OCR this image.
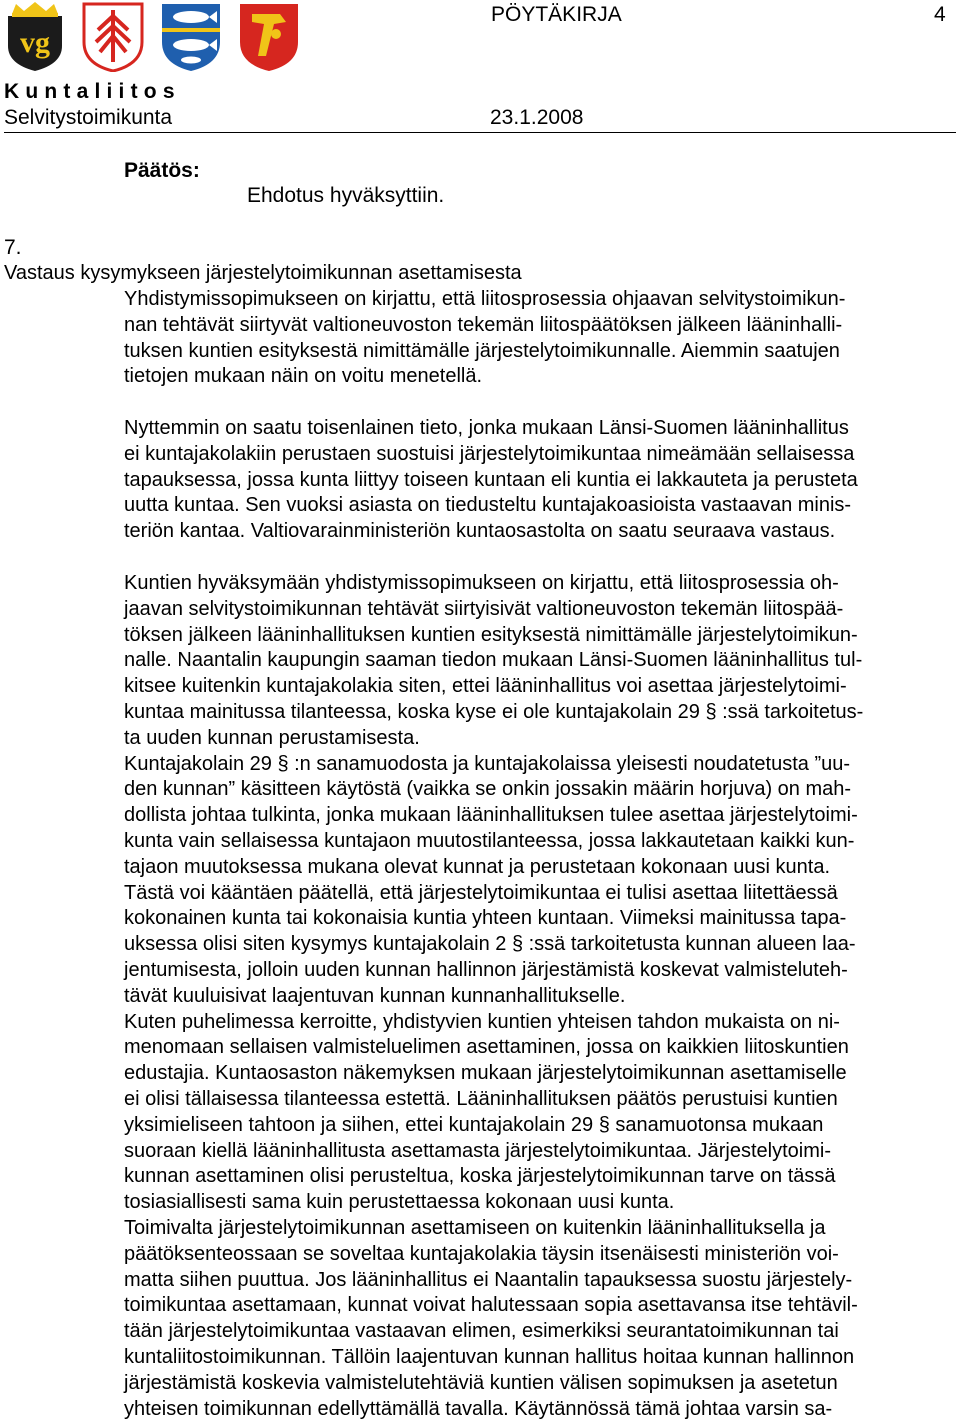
vg
PÖYTÄKIRJA	4
Kuntaliitos
Selvitystoimikunta	23.1.2008
Päätös:
Ehdotus hyväksyttiin.
7.
Vastaus kysymykseen järjestelytoimikunnan asettamisesta
Yhdistymissopimukseen on kirjattu, että liitosprosessia ohjaavan selvitystoimikun-
nan tehtävät siirtyvät valtioneuvoston tekemän liitospäätöksen jälkeen lääninhalli-
tuksen kuntien esityksestä nimittämälle järjestelytoimikunnalle. Aiemmin saatujen
tietojen mukaan näin on voitu menetellä.
Nyttemmin on saatu toisenlainen tieto, jonka mukaan Länsi-Suomen lääninhallitus
ei kuntajakolakiin perustaen suostuisi järjestelytoimikuntaa nimeämään sellaisessa
tapauksessa, jossa kunta liittyy toiseen kuntaan eli kuntia ei lakkauteta ja perusteta
uutta kuntaa. Sen vuoksi asiasta on tiedusteltu kuntajakoasioista vastaavan minis-
teriön kantaa. Valtiovarainministeriön kuntaosastolta on saatu seuraava vastaus.
Kuntien hyväksymään yhdistymissopimukseen on kirjattu, että liitosprosessia oh-
jaavan selvitystoimikunnan tehtävät siirtyisivät valtioneuvoston tekemän liitospää-
töksen jälkeen lääninhallituksen kuntien esityksestä nimittämälle järjestelytoimikun-
nalle. Naantalin kaupungin saaman tiedon mukaan Länsi-Suomen lääninhallitus tul-
kitsee kuitenkin kuntajakolakia siten, ettei lääninhallitus voi asettaa järjestelytoimi-
kuntaa mainitussa tilanteessa, koska kyse ei ole kuntajakolain 29 § :ssä tarkoitetus-
ta uuden kunnan perustamisesta.
Kuntajakolain 29 § :n sanamuodosta ja kuntajakolaissa yleisesti noudatetusta ”uu-
den kunnan” käsitteen käytöstä (vaikka se onkin jossakin määrin horjuva) on mah-
dollista johtaa tulkinta, jonka mukaan lääninhallituksen tulee asettaa järjestelytoimi-
kunta vain sellaisessa kuntajaon muutostilanteessa, jossa lakkautetaan kaikki kun-
tajaon muutoksessa mukana olevat kunnat ja perustetaan kokonaan uusi kunta.
Tästä voi kääntäen päätellä, että järjestelytoimikuntaa ei tulisi asettaa liitettäessä
kokonainen kunta tai kokonaisia kuntia yhteen kuntaan. Viimeksi mainitussa tapa-
uksessa olisi siten kysymys kuntajakolain 2 § :ssä tarkoitetusta kunnan alueen laa-
jentumisesta, jolloin uuden kunnan hallinnon järjestämistä koskevat valmisteluteh-
tävät kuuluisivat laajentuvan kunnan kunnanhallitukselle.
Kuten puhelimessa kerroitte, yhdistyvien kuntien yhteisen tahdon mukaista on ni-
menomaan sellaisen valmisteluelimen asettaminen, jossa on kaikkien liitoskuntien
edustajia. Kuntaosaston näkemyksen mukaan järjestelytoimikunnan asettamiselle
ei olisi tällaisessa tilanteessa estettä. Lääninhallituksen päätös perustuisi kuntien
yksimieliseen tahtoon ja siihen, ettei kuntajakolain 29 § sanamuotonsa mukaan
suoraan kiellä lääninhallitusta asettamasta järjestelytoimikuntaa. Järjestelytoimi-
kunnan asettaminen olisi perusteltua, koska järjestelytoimikunnan tarve on tässä
tosiasiallisesti sama kuin perustettaessa kokonaan uusi kunta.
Toimivalta järjestelytoimikunnan asettamiseen on kuitenkin lääninhallituksella ja
päätöksenteossaan se soveltaa kuntajakolakia täysin itsenäisesti ministeriön voi-
matta siihen puuttua. Jos lääninhallitus ei Naantalin tapauksessa suostu järjestely-
toimikuntaa asettamaan, kunnat voivat halutessaan sopia asettavansa itse tehtävil-
tään järjestelytoimikuntaa vastaavan elimen, esimerkiksi seurantatoimikunnan tai
kuntaliitostoimikunnan. Tällöin laajentuvan kunnan hallitus hoitaa kunnan hallinnon
järjestämistä koskevia valmistelutehtäviä kuntien välisen sopimuksen ja asetetun
yhteisen toimikunnan edellyttämällä tavalla. Käytännössä tämä johtaa varsin sa-
